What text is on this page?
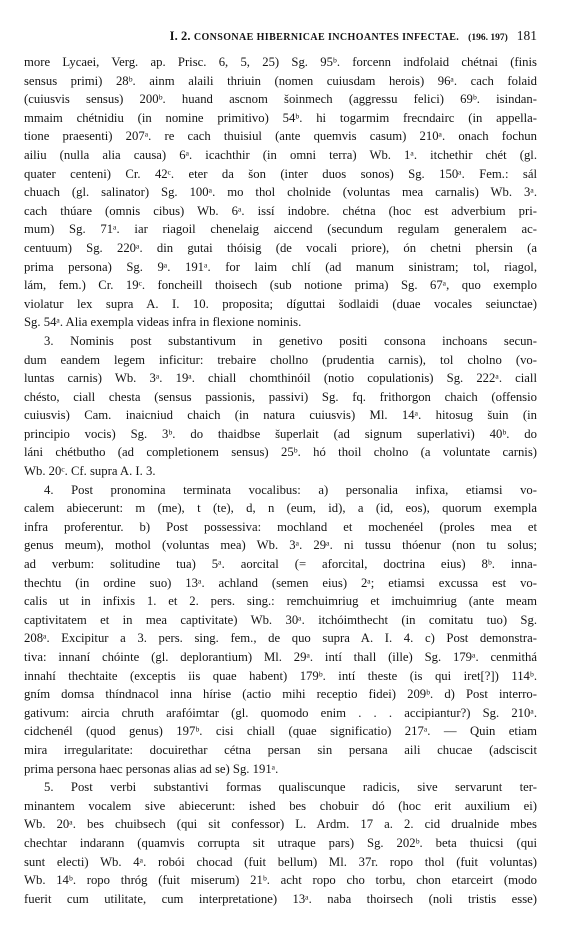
I. 2. CONSONAE HIBERNICAE INCHOANTES INFECTAE. (196. 197) 181

more Lycaei, Verg. ap. Prisc. 6, 5, 25) Sg. 95ᵇ. forcenn indfolaid chétnai (finis
sensus primi) 28ᵇ. ainm alaili thriuin (nomen cuiusdam herois) 96ᵃ. cach folaid
(cuiusvis sensus) 200ᵇ. huand ascnom šoinmech (aggressu felici) 69ᵇ. isindan-
mmaim chétnidiu (in nomine primitivo) 54ᵇ. hi togarmim frecndairc (in appella-
tione praesenti) 207ᵃ. re cach thuisiul (ante quemvis casum) 210ᵃ. onach fochun
ailiu (nulla alia causa) 6ᵃ. icachthir (in omni terra) Wb. 1ᵃ. itchethir chét (gl.
quater centeni) Cr. 42ᶜ. eter da šon (inter duos sonos) Sg. 150ᵃ. Fem.: sál
chuach (gl. salinator) Sg. 100ᵃ. mo thol cholnide (voluntas mea carnalis) Wb. 3ᵃ.
cach thúare (omnis cibus) Wb. 6ᵃ. issí indobre. chétna (hoc est adverbium pri-
mum) Sg. 71ᵃ. iar riagoil chenelaig aiccend (secundum regulam generalem ac-
centuum) Sg. 220ᵃ. din gutai thóisig (de vocali priore), ón chetni phersin (a
prima persona) Sg. 9ᵃ. 191ᵃ. for laim chlí (ad manum sinistram; tol, riagol,
lám, fem.) Cr. 19ᶜ. foncheill thoisech (sub notione prima) Sg. 67ᵃ, quo exemplo
violatur lex supra A. I. 10. proposita; díguttai šodlaidi (duae vocales seiunctae)
Sg. 54ᵃ. Alia exempla videas infra in flexione nominis.

3. Nominis post substantivum in genetivo positi consona inchoans secun-
dum eandem legem inficitur: trebaire chollno (prudentia carnis), tol cholno (vo-
luntas carnis) Wb. 3ᵃ. 19ᵃ. chiall chomthinóil (notio copulationis) Sg. 222ᵃ. ciall
chésto, ciall chesta (sensus passionis, passivi) Sg. fq. frithorgon chaich (offensio
cuiusvis) Cam. inaicniud chaich (in natura cuiusvis) Ml. 14ᵃ. hitosug šuin (in
principio vocis) Sg. 3ᵇ. do thaidbse šuperlait (ad signum superlativi) 40ᵇ. do
láni chétbutho (ad completionem sensus) 25ᵇ. hó thoil cholno (a voluntate carnis)
Wb. 20ᶜ. Cf. supra A. I. 3.

4. Post pronomina terminata vocalibus: a) personalia infixa, etiamsi vo-
calem abiecerunt: m (me), t (te), d, n (eum, id), a (id, eos), quorum exempla
infra proferentur. b) Post possessiva: mochland et mochenéel (proles mea et
genus meum), mothol (voluntas mea) Wb. 3ᵃ. 29ᵃ. ni tussu thóenur (non tu solus;
ad verbum: solitudine tua) 5ᵃ. aorcital (= aforcital, doctrina eius) 8ᵇ. inna-
thechtu (in ordine suo) 13ᵃ. achland (semen eius) 2ᵃ; etiamsi excussa est vo-
calis ut in infixis 1. et 2. pers. sing.: remchuimriug et imchuimriug (ante meam
captivitatem et in mea captivitate) Wb. 30ᵃ. itchóimthecht (in comitatu tuo) Sg.
208ᵃ. Excipitur a 3. pers. sing. fem., de quo supra A. I. 4. c) Post demonstra-
tiva: innaní chóinte (gl. deplorantium) Ml. 29ᵃ. intí thall (ille) Sg. 179ᵃ. cenmithá
innahí thechtaite (exceptis iis quae habent) 179ᵇ. intí theste (is qui iret[?]) 114ᵇ.
gním domsa thíndnacol inna hírise (actio mihi receptio fidei) 209ᵇ. d) Post interro-
gativum: aircia chruth arafóimtar (gl. quomodo enim . . . accipiantur?) Sg. 210ᵃ.
cidchenél (quod genus) 197ᵇ. cisi chiall (quae significatio) 217ᵃ. — Quin etiam
mira irregularitate: docuirethar cétna persan sin persana aili chucae (adsciscit
prima persona haec personas alias ad se) Sg. 191ᵃ.

5. Post verbi substantivi formas qualiscunque radicis, sive servarunt ter-
minantem vocalem sive abiecerunt: ished bes chobuir dó (hoc erit auxilium ei)
Wb. 20ᵃ. bes chuibsech (qui sit confessor) L. Ardm. 17 a. 2. cid drualnide mbes
chechtar indarann (quamvis corrupta sit utraque pars) Sg. 202ᵇ. beta thuicsi (qui
sunt electi) Wb. 4ᵃ. robói chocad (fuit bellum) Ml. 37r. ropo thol (fuit voluntas)
Wb. 14ᵇ. ropo thróg (fuit miserum) 21ᵇ. acht ropo cho torbu, chon etarceirt (modo
fuerit cum utilitate, cum interpretatione) 13ᵃ. naba thoirsech (noli tristis esse)
